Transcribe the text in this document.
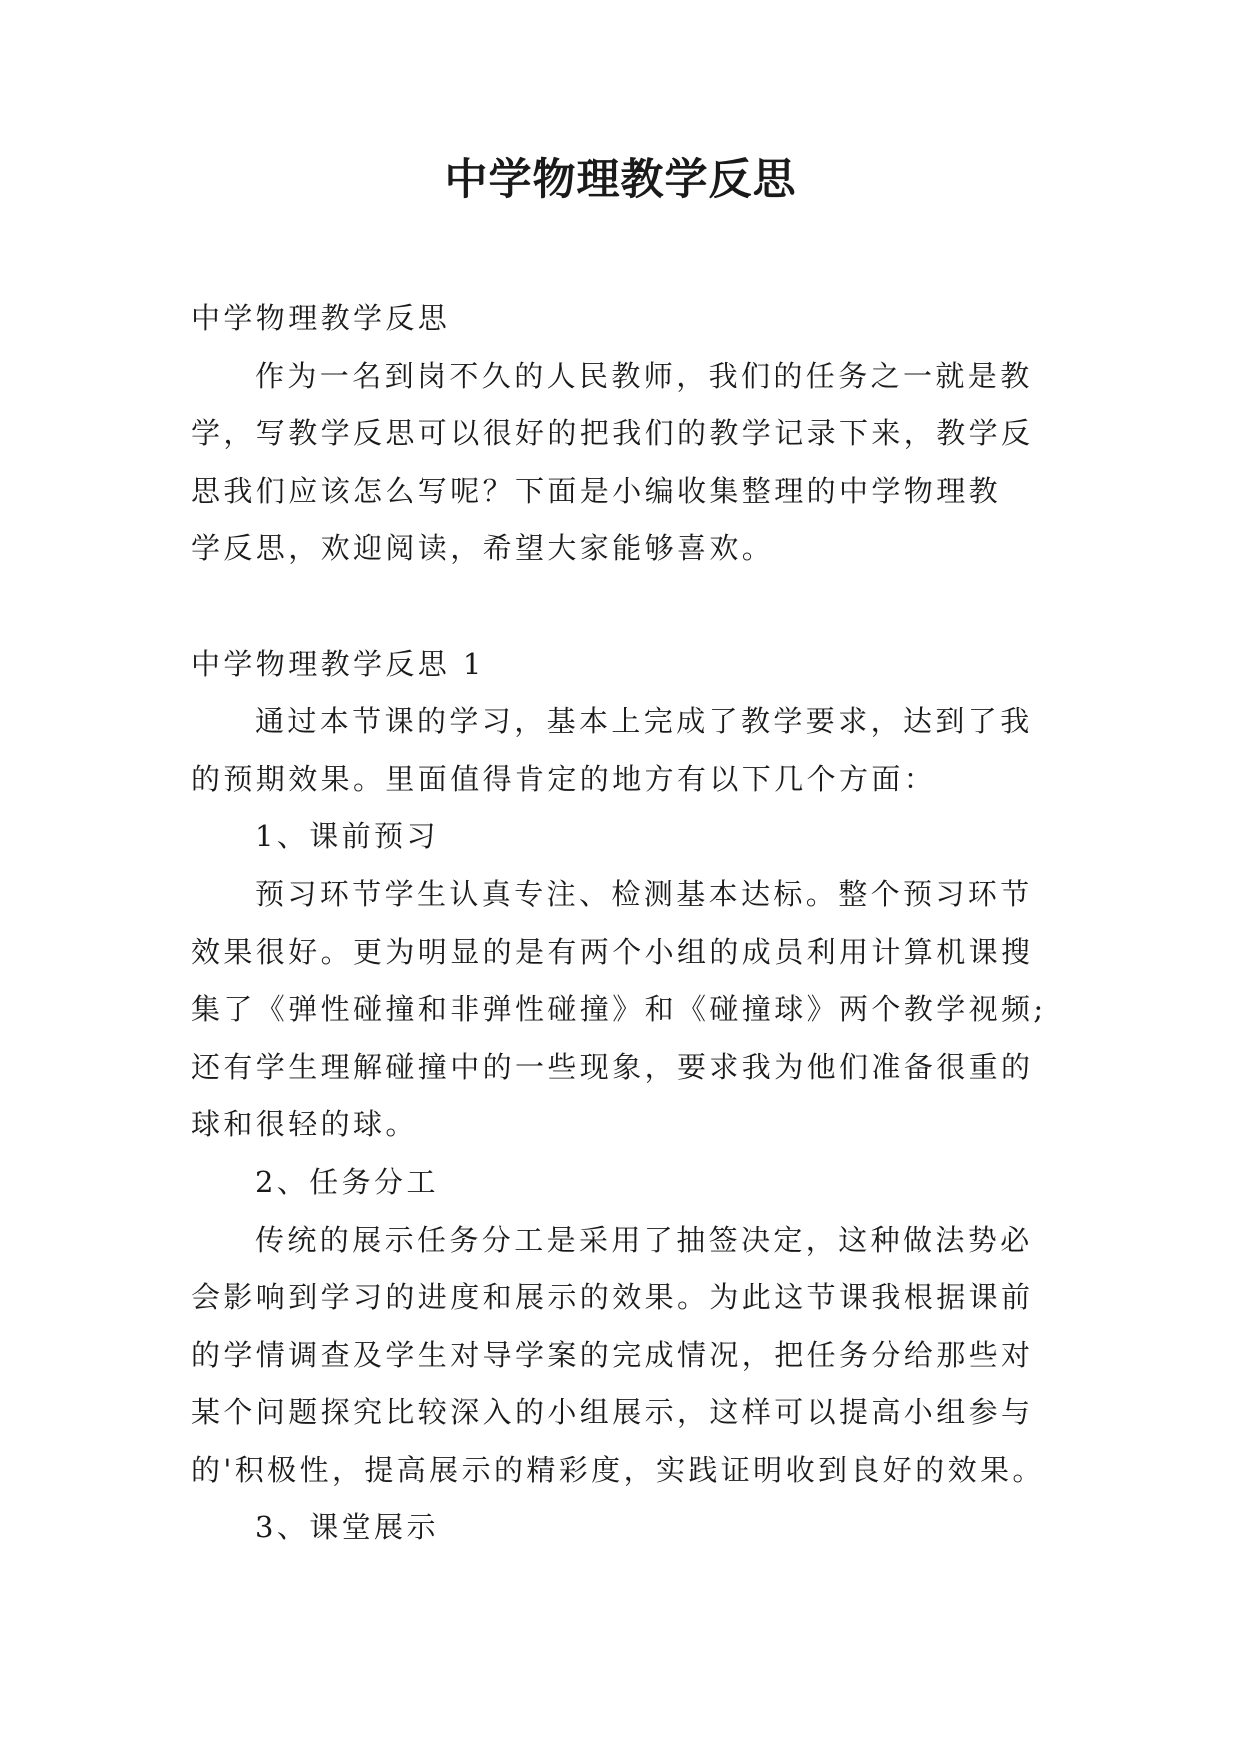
中学物理教学反思

中学物理教学反思

作为一名到岗不久的人民教师，我们的任务之一就是教

学，写教学反思可以很好的把我们的教学记录下来，教学反

思我们应该怎么写呢？下面是小编收集整理的中学物理教

学反思，欢迎阅读，希望大家能够喜欢。

中学物理教学反思 1

通过本节课的学习，基本上完成了教学要求，达到了我

的预期效果。里面值得肯定的地方有以下几个方面：

1、课前预习

预习环节学生认真专注、检测基本达标。整个预习环节

效果很好。更为明显的是有两个小组的成员利用计算机课搜

集了《弹性碰撞和非弹性碰撞》和《碰撞球》两个教学视频;

还有学生理解碰撞中的一些现象，要求我为他们准备很重的

球和很轻的球。

2、任务分工

传统的展示任务分工是采用了抽签决定，这种做法势必

会影响到学习的进度和展示的效果。为此这节课我根据课前

的学情调查及学生对导学案的完成情况，把任务分给那些对

某个问题探究比较深入的小组展示，这样可以提高小组参与

的'积极性，提高展示的精彩度，实践证明收到良好的效果。

3、课堂展示
